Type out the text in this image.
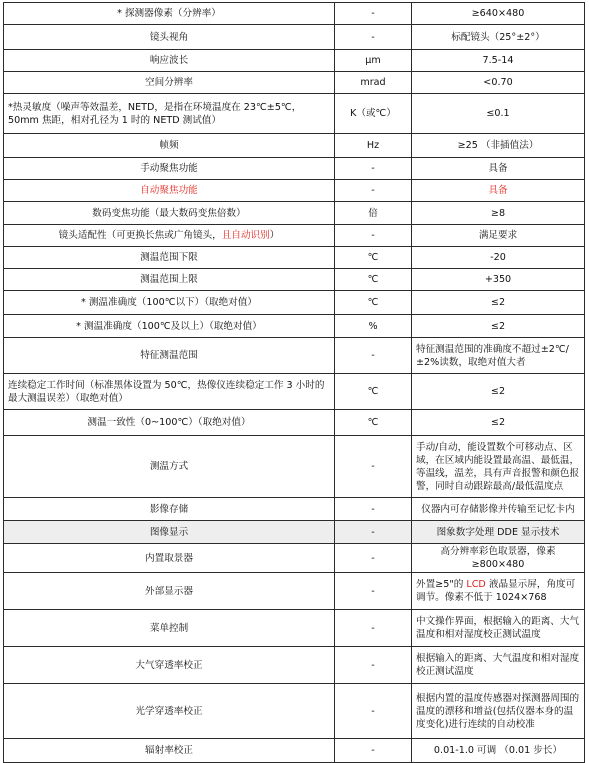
* 探测器像素（分辨率）	-	≥640×480
镜头视角	-	标配镜头（25°±2°）
响应波长	μm	7.5-14
空间分辨率	mrad	<0.70
*热灵敏度（噪声等效温差，NETD，是指在环境温度在 23℃±5℃，50mm 焦距，相对孔径为 1 时的 NETD 测试值）	K（或℃）	≤0.1
帧频	Hz	≥25 （非插值法）
手动聚焦功能	-	具备
自动聚焦功能	-	具备
数码变焦功能（最大数码变焦倍数）	倍	≥8
镜头适配性（可更换长焦或广角镜头，且自动识别）	-	满足要求
测温范围下限	℃	-20
测温范围上限	℃	+350
* 测温准确度（100℃以下）（取绝对值）	℃	≤2
* 测温准确度（100℃及以上）（取绝对值）	%	≤2
特征测温范围	-	特征测温范围的准确度不超过±2℃/±2%读数，取绝对值大者
连续稳定工作时间（标准黑体设置为 50℃，热像仪连续稳定工作 3 小时的最大测温误差）（取绝对值）	℃	≤2
测温一致性（0~100℃）（取绝对值）	℃	≤2
测温方式	-	手动/自动，能设置数个可移动点、区域，在区域内能设置最高温、最低温，等温线，温差，具有声音报警和颜色报警，同时自动跟踪最高/最低温度点
影像存储	-	仪器内可存储影像并传输至记忆卡内
图像显示	-	图象数字处理 DDE 显示技术
内置取景器	-	高分辨率彩色取景器，像素≥800×480
外部显示器	-	外置≥5"的 LCD 液晶显示屏，角度可调节。像素不低于 1024×768
菜单控制	-	中文操作界面，根据输入的距离、大气温度和相对湿度校正测试温度
大气穿透率校正	-	根据输入的距离、大气温度和相对湿度校正测试温度
光学穿透率校正	-	根据内置的温度传感器对探测器周围的温度的漂移和增益(包括仪器本身的温度变化)进行连续的自动校准
辐射率校正	-	0.01-1.0 可调 （0.01 步长）
